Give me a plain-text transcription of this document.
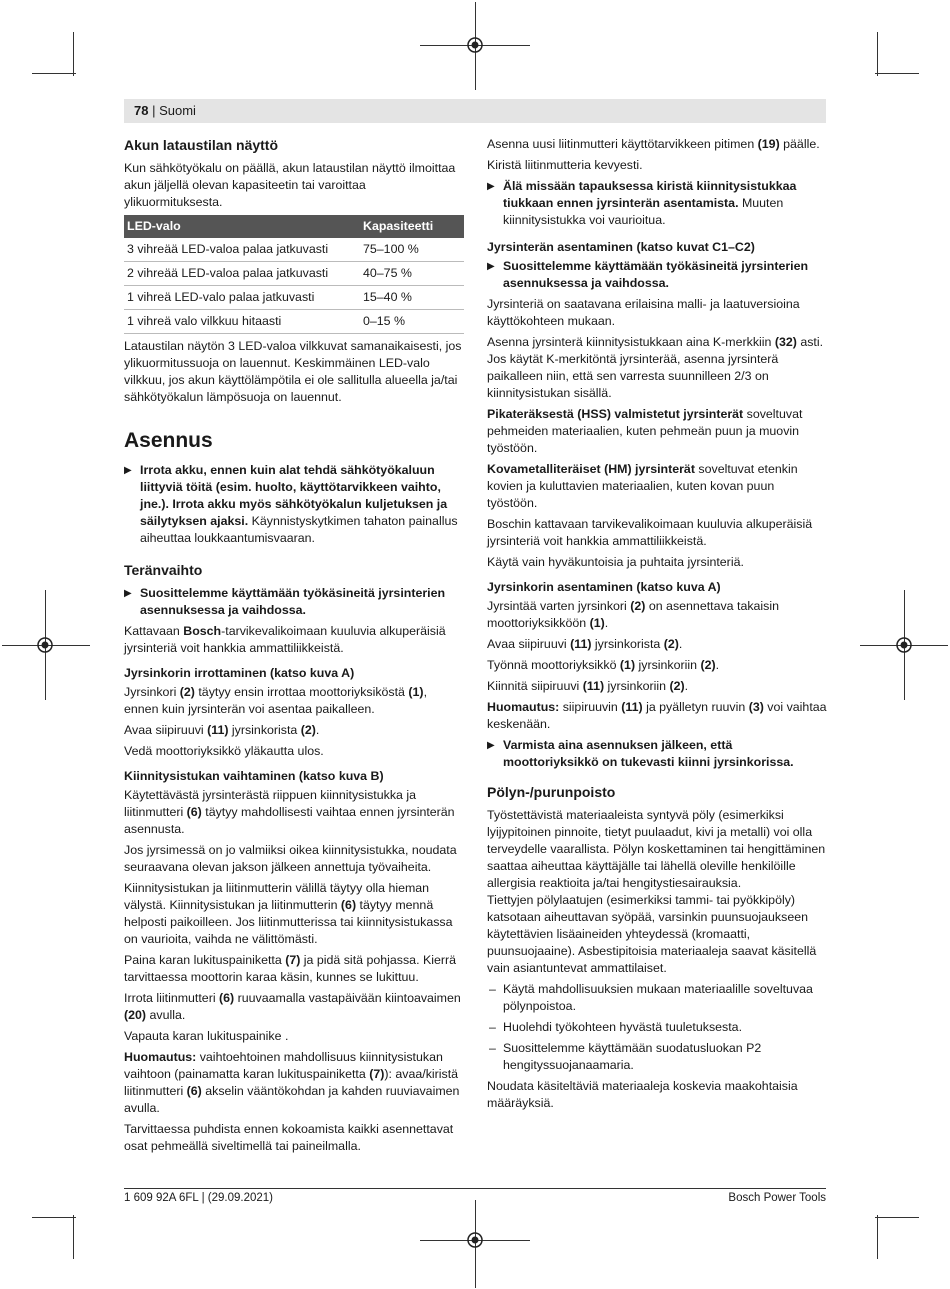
78 | Suomi
Akun lataustilan näyttö

Kun sähkötyökalu on päällä, akun lataustilan näyttö ilmoittaa akun jäljellä olevan kapasiteetin tai varoittaa ylikuormituksesta.

LED-valo	Kapasiteetti
3 vihreää LED-valoa palaa jatkuvasti	75–100 %
2 vihreää LED-valoa palaa jatkuvasti	40–75 %
1 vihreä LED-valo palaa jatkuvasti	15–40 %
1 vihreä valo vilkkuu hitaasti	0–15 %

Lataustilan näytön 3 LED-valoa vilkkuvat samanaikaisesti, jos ylikuormitussuoja on lauennut. Keskimmäinen LED-valo vilkkuu, jos akun käyttölämpötila ei ole sallitulla alueella ja/tai sähkötyökalun lämpösuoja on lauennut.

Asennus
▶ Irrota akku, ennen kuin alat tehdä sähkötyökaluun liittyviä töitä (esim. huolto, käyttötarvikkeen vaihto, jne.). Irrota akku myös sähkötyökalun kuljetuksen ja säilytyksen ajaksi. Käynnistyskytkimen tahaton painallus aiheuttaa loukkaantumisvaaran.
Teränvaihto
▶ Suosittelemme käyttämään työkäsineitä jyrsinterien asennuksessa ja vaihdossa.

Kattavaan Bosch-tarvikevalikoimaan kuuluvia alkuperäisiä jyrsinteriä voit hankkia ammattiliikkeistä.

Jyrsinkorin irrottaminen (katso kuva A)

Jyrsinkori (2) täytyy ensin irrottaa moottoriyksiköstä (1), ennen kuin jyrsinterän voi asentaa paikalleen.

Avaa siipiruuvi (11) jyrsinkorista (2).

Vedä moottoriyksikkö yläkautta ulos.

Kiinnitysistukan vaihtaminen (katso kuva B)

Käytettävästä jyrsinterästä riippuen kiinnitysistukka ja liitinmutteri (6) täytyy mahdollisesti vaihtaa ennen jyrsinterän asennusta.

Jos jyrsimessä on jo valmiiksi oikea kiinnitysistukka, noudata seuraavana olevan jakson jälkeen annettuja työvaiheita.

Kiinnitysistukan ja liitinmutterin välillä täytyy olla hieman välystä. Kiinnitysistukan ja liitinmutterin (6) täytyy mennä helposti paikoilleen. Jos liitinmutterissa tai kiinnitysistukassa on vaurioita, vaihda ne välittömästi.

Paina karan lukituspainiketta (7) ja pidä sitä pohjassa. Kierrä tarvittaessa moottorin karaa käsin, kunnes se lukittuu.

Irrota liitinmutteri (6) ruuvaamalla vastapäivään kiintoavaimen (20) avulla.

Vapauta karan lukituspainike .

Huomautus: vaihtoehtoinen mahdollisuus kiinnitysistukan vaihtoon (painamatta karan lukituspainiketta (7)): avaa/kiristä liitinmutteri (6) akselin vääntökohdan ja kahden ruuviavaimen avulla.

Tarvittaessa puhdista ennen kokoamista kaikki asennettavat osat pehmeällä siveltimellä tai paineilmalla.

Asenna uusi liitinmutteri käyttötarvikkeen pitimen (19) päälle.

Kiristä liitinmutteria kevyesti.

▶ Älä missään tapauksessa kiristä kiinnitysistukkaa tiukkaan ennen jyrsinterän asentamista. Muuten kiinnitysistukka voi vaurioitua.
Jyrsinterän asentaminen (katso kuvat C1–C2)
▶ Suosittelemme käyttämään työkäsineitä jyrsinterien asennuksessa ja vaihdossa.

Jyrsinteriä on saatavana erilaisina malli- ja laatuversioina käyttökohteen mukaan.

Asenna jyrsinterä kiinnitysistukkaan aina K-merkkiin (32) asti. Jos käytät K-merkitöntä jyrsinterää, asenna jyrsinterä paikalleen niin, että sen varresta suunnilleen 2/3 on kiinnitysistukan sisällä.

Pikateräksestä (HSS) valmistetut jyrsinterät soveltuvat pehmeiden materiaalien, kuten pehmeän puun ja muovin työstöön.

Kovametalliteräiset (HM) jyrsinterät soveltuvat etenkin kovien ja kuluttavien materiaalien, kuten kovan puun työstöön.

Boschin kattavaan tarvikevalikoimaan kuuluvia alkuperäisiä jyrsinteriä voit hankkia ammattiliikkeistä.

Käytä vain hyväkuntoisia ja puhtaita jyrsinteriä.

Jyrsinkorin asentaminen (katso kuva A)

Jyrsintää varten jyrsinkori (2) on asennettava takaisin moottoriyksikköön (1).

Avaa siipiruuvi (11) jyrsinkorista (2).

Työnnä moottoriyksikkö (1) jyrsinkoriin (2).

Kiinnitä siipiruuvi (11) jyrsinkoriin (2).

Huomautus: siipiruuvin (11) ja pyälletyn ruuvin (3) voi vaihtaa keskenään.

▶ Varmista aina asennuksen jälkeen, että moottoriyksikkö on tukevasti kiinni jyrsinkorissa.
Pölyn-/purunpoisto

Työstettävistä materiaaleista syntyvä pöly (esimerkiksi lyijypitoinen pinnoite, tietyt puulaadut, kivi ja metalli) voi olla terveydelle vaarallista. Pölyn koskettaminen tai hengittäminen saattaa aiheuttaa käyttäjälle tai lähellä oleville henkilöille allergisia reaktioita ja/tai hengitystiesairauksia.

Tiettyjen pölylaatujen (esimerkiksi tammi- tai pyökkipöly) katsotaan aiheuttavan syöpää, varsinkin puunsuojaukseen käytettävien lisäaineiden yhteydessä (kromaatti, puunsuojaaine). Asbestipitoisia materiaaleja saavat käsitellä vain asiantuntevat ammattilaiset.

– Käytä mahdollisuuksien mukaan materiaalille soveltuvaa pölynpoistoa.
– Huolehdi työkohteen hyvästä tuuletuksesta.
– Suosittelemme käyttämään suodatusluokan P2 hengityssuojanaamaria.

Noudata käsiteltäviä materiaaleja koskevia maakohtaisia määräyksiä.

1 609 92A 6FL | (29.09.2021)	Bosch Power Tools
